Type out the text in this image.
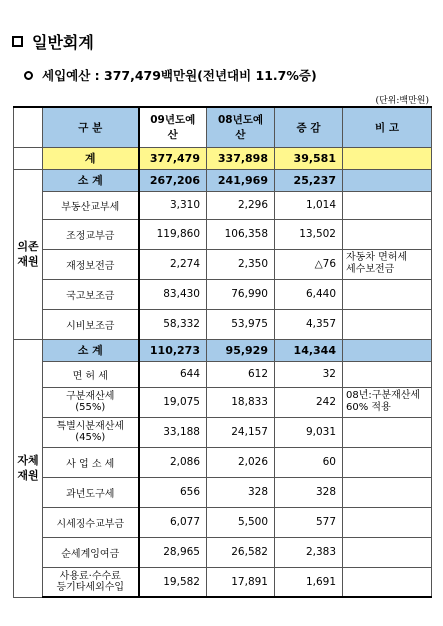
일반회계
세입예산 : 377,479백만원(전년대비 11.7%증)
(단위:백만원)
	구 분	09년도예산	08년도예산	증 감	비 고
	계	377,479	337,898	39,581	
의존
재원	소 계	267,206	241,969	25,237	
	부동산교부세	3,310	2,296	1,014	
	조정교부금	119,860	106,358	13,502	
	재정보전금	2,274	2,350	△76	자동차 면허세
세수보전금
	국고보조금	83,430	76,990	6,440	
	시비보조금	58,332	53,975	4,357	
자체
재원	소 계	110,273	95,929	14,344	
	면 허 세	644	612	32	
	구분재산세
(55%)	19,075	18,833	242	08년:구분재산세
60% 적용
	특별시분재산세
(45%)	33,188	24,157	9,031	
	사 업 소 세	2,086	2,026	60	
	과년도구세	656	328	328	
	시세징수교부금	6,077	5,500	577	
	순세계잉여금	28,965	26,582	2,383	
	사용료·수수료
등기타세외수입	19,582	17,891	1,691	
